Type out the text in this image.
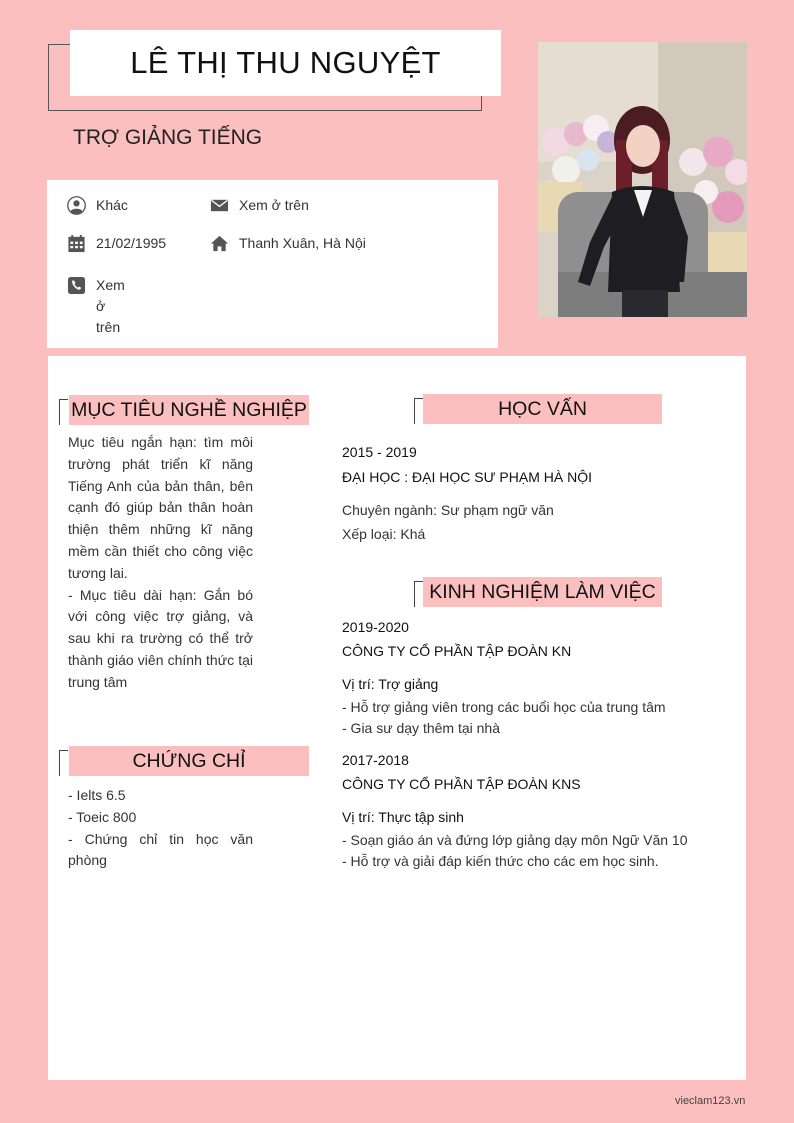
LÊ THỊ THU NGUYỆT
TRỢ GIẢNG TIẾNG
Khác	Xem ở trên
21/02/1995	Thanh Xuân, Hà Nội
Xem
ở
trên
MỤC TIÊU NGHỀ NGHIỆP
Mục tiêu ngắn hạn: tìm môi trường phát triển kĩ năng Tiếng Anh của bản thân, bên cạnh đó giúp bản thân hoàn thiện thêm những kĩ năng mềm cần thiết cho công việc tương lai.
- Mục tiêu dài hạn: Gắn bó với công việc trợ giảng, và sau khi ra trường có thể trở thành giáo viên chính thức tại trung tâm
CHỨNG CHỈ
- Ielts 6.5
- Toeic 800
- Chứng chỉ tin học văn phòng
HỌC VẤN
2015 - 2019
ĐẠI HỌC : ĐẠI HỌC SƯ PHẠM HÀ NỘI
Chuyên ngành: Sư phạm ngữ văn
Xếp loại: Khá
KINH NGHIỆM LÀM VIỆC
2019-2020
CÔNG TY CỔ PHẦN TẬP ĐOÀN KN
Vị trí: Trợ giảng
- Hỗ trợ giảng viên trong các buổi học của trung tâm
- Gia sư dạy thêm tại nhà
2017-2018
CÔNG TY CỔ PHẦN TẬP ĐOÀN KNS
Vị trí: Thực tập sinh
- Soạn giáo án và đứng lớp giảng dạy môn Ngữ Văn 10
- Hỗ trợ và giải đáp kiến thức cho các em học sinh.
vieclam123.vn
